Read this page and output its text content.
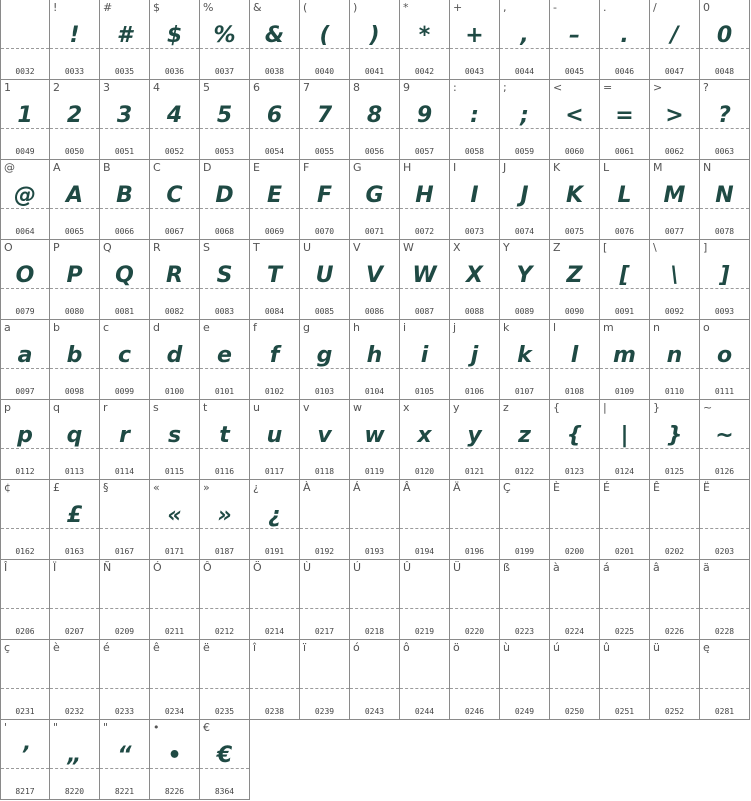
0032
!
!
0033
#
#
0035
$
$
0036
%
%
0037
&
&
0038
(
(
0040
)
)
0041
*
*
0042
+
+
0043
,
,
0044
-
–
0045
.
.
0046
/
/
0047
0
0
0048
1
1
0049
2
2
0050
3
3
0051
4
4
0052
5
5
0053
6
6
0054
7
7
0055
8
8
0056
9
9
0057
:
:
0058
;
;
0059
<
<
0060
=
=
0061
>
>
0062
?
?
0063
@
@
0064
A
A
0065
B
B
0066
C
C
0067
D
D
0068
E
E
0069
F
F
0070
G
G
0071
H
H
0072
I
I
0073
J
J
0074
K
K
0075
L
L
0076
M
M
0077
N
N
0078
O
O
0079
P
P
0080
Q
Q
0081
R
R
0082
S
S
0083
T
T
0084
U
U
0085
V
V
0086
W
W
0087
X
X
0088
Y
Y
0089
Z
Z
0090
[
[
0091
\
\
0092
]
]
0093
a
a
0097
b
b
0098
c
c
0099
d
d
0100
e
e
0101
f
f
0102
g
g
0103
h
h
0104
i
i
0105
j
j
0106
k
k
0107
l
l
0108
m
m
0109
n
n
0110
o
o
0111
p
p
0112
q
q
0113
r
r
0114
s
s
0115
t
t
0116
u
u
0117
v
v
0118
w
w
0119
x
x
0120
y
y
0121
z
z
0122
{
{
0123
|
|
0124
}
}
0125
~
~
0126
¢
0162
£
£
0163
§
0167
«
«
0171
»
»
0187
¿
¿
0191
À
0192
Á
0193
Â
0194
Ä
0196
Ç
0199
È
0200
É
0201
Ê
0202
Ë
0203
Î
0206
Ï
0207
Ñ
0209
Ó
0211
Ô
0212
Ö
0214
Ù
0217
Ú
0218
Û
0219
Ü
0220
ß
0223
à
0224
á
0225
â
0226
ä
0228
ç
0231
è
0232
é
0233
ê
0234
ë
0235
î
0238
ï
0239
ó
0243
ô
0244
ö
0246
ù
0249
ú
0250
û
0251
ü
0252
ę
0281
'
’
8217
"
„
8220
"
“
8221
•
•
8226
€
€
8364
